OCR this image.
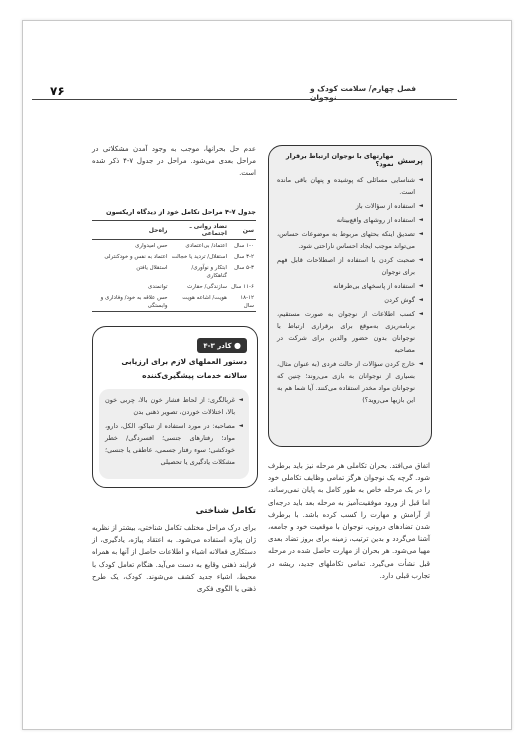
۷۶	فصل چهارم/ سلامت کودک و نوجوان
پرسش
مهارتهای با نوجوان ارتباط برقرار نمود؟
◄ شناسایی مسائلی که پوشیده و پنهان باقی مانده است.
◄ استفاده از سؤالات باز
◄ استفاده از روشهای واقع‌بینانه
◄ تصدیق اینکه بحثهای مربوط به موضوعات حساس، می‌تواند موجب ایجاد احساس ناراحتی شود.
◄ صحبت کردن با استفاده از اصطلاحات قابل فهم برای نوجوان
◄ استفاده از پاسخهای بی‌طرفانه
◄ گوش کردن
◄ کسب اطلاعات از نوجوان به صورت مستقیم، برنامه‌ریزی به‌موقع برای برقراری ارتباط با نوجوانان بدون حضور والدین برای شرکت در مصاحبه
◄ خارج کردن سؤالات از حالت فردی (به عنوان مثال، بسیاری از نوجوانان به بازی می‌روند؛ چنین که نوجوانان مواد مخدر استفاده می‌کنند. آیا شما هم به این بازیها می‌روید؟)
اتفاق می‌افتد. بحران تکاملی هر مرحله نیز باید برطرف شود. گرچه یک نوجوان هرگز تمامی وظایف تکاملی خود را در یک مرحله خاص به طور کامل به پایان نمی‌رساند، اما قبل از ورود موفقیت‌آمیز به مرحله بعد باید درجه‌ای از آرامش و مهارت را کسب کرده باشد. با برطرف شدن تضادهای درونی، نوجوان با موقعیت خود و جامعه، آشنا می‌گردد و بدین ترتیب، زمینه برای بروز تضاد بعدی مهیا می‌شود. هر بحران از مهارت حاصل شده در مرحله قبل نشأت می‌گیرد. تمامی تکاملهای جدید، ریشه در تجارب قبلی دارد.
عدم حل بحرانها، موجب به وجود آمدن مشکلاتی در مراحل بعدی می‌شود. مراحل در جدول ۷-۴ ذکر شده است.
جدول ۷-۴ مراحل تکامل خود از دیدگاه اریکسون
سن	تضاد روانی ـ اجتماعی	راه‌حل
۱-۰ سال	اعتماد/ بی‌اعتمادی	حس امیدواری
۳-۲ سال	استقلال/ تردید یا خجالت	اعتماد به نفس و خودکنترلی
۵-۳ سال	ابتکار و نوآوری/ گناهکاری	استقلال یافتن
۱۱-۶ سال	سازندگی/ حقارت	توانمندی
۱۸-۱۲ سال	هویت/ اشاعه هویت	حس علاقه به خود/ وفاداری و وابستگی
● کادر ۳-۴
دستور العملهای لازم برای ارزیابی سالانه خدمات پیشگیری‌کننده
◄ غربالگری: از لحاظ فشار خون بالا، چربی خون بالا، اختلالات خوردن، تصویر ذهنی بدن
◄ مصاحبه: در مورد استفاده از تنباکو، الکل، دارو، مواد؛ رفتارهای جنسی؛ افسردگی/ خطر خودکشی؛ سوء رفتار جسمی، عاطفی یا جنسی؛ مشکلات یادگیری یا تحصیلی
تکامل شناختی
برای درک مراحل مختلف تکامل شناختی، بیشتر از نظریه ژان پیاژه استفاده می‌شود. به اعتقاد پیاژه، یادگیری، از دستکاری فعالانه اشیاء و اطلاعات حاصل از آنها به همراه فرایند ذهنی وقایع به دست می‌آید. هنگام تعامل کودک با محیط، اشیاء جدید کشف می‌شوند. کودک، یک طرح ذهنی یا الگوی فکری
